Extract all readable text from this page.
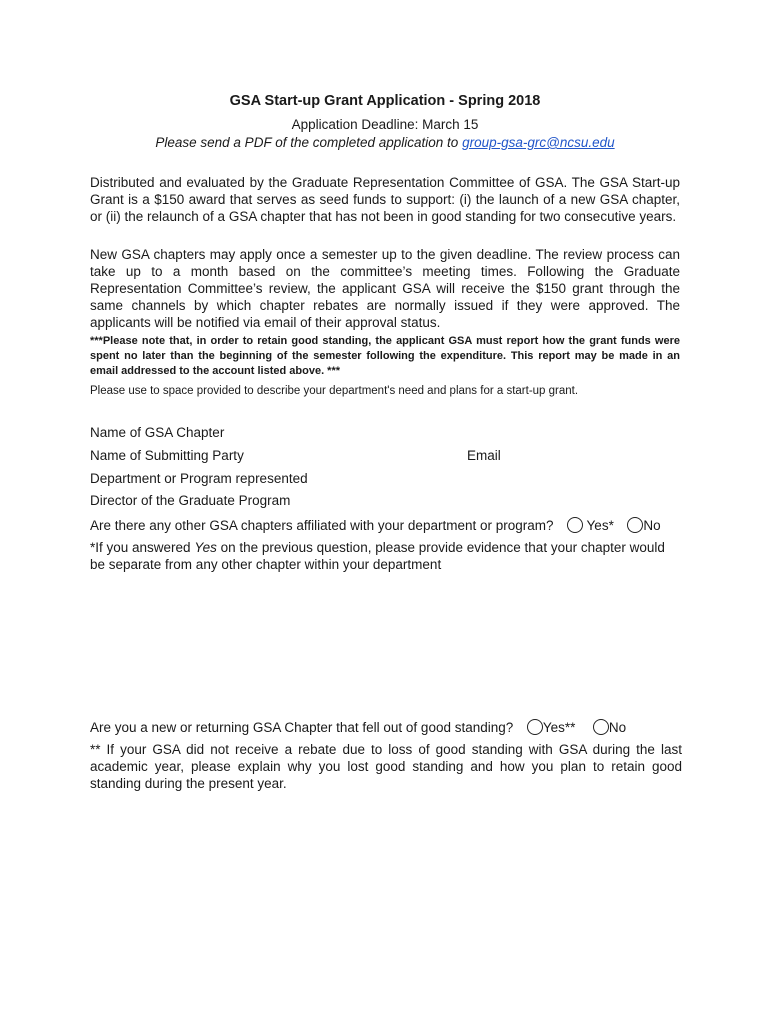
GSA Start-up Grant Application - Spring 2018
Application Deadline: March 15
Please send a PDF of the completed application to group-gsa-grc@ncsu.edu
Distributed and evaluated by the Graduate Representation Committee of GSA. The GSA Start-up Grant is a $150 award that serves as seed funds to support: (i) the launch of a new GSA chapter, or (ii) the relaunch of a GSA chapter that has not been in good standing for two consecutive years.
New GSA chapters may apply once a semester up to the given deadline. The review process can take up to a month based on the committee’s meeting times. Following the Graduate Representation Committee’s review, the applicant GSA will receive the $150 grant through the same channels by which chapter rebates are normally issued if they were approved. The applicants will be notified via email of their approval status.
***Please note that, in order to retain good standing, the applicant GSA must report how the grant funds were spent no later than the beginning of the semester following the expenditure. This report may be made in an email addressed to the account listed above. ***
Please use to space provided to describe your department's need and plans for a start-up grant.
Name of GSA Chapter
Name of Submitting Party	Email
Department or Program represented
Director of the Graduate Program
Are there any other GSA chapters affiliated with your department or program? Yes* No
*If you answered Yes on the previous question, please provide evidence that your chapter would be separate from any other chapter within your department
Are you a new or returning GSA Chapter that fell out of good standing? Yes** No
** If your GSA did not receive a rebate due to loss of good standing with GSA during the last academic year, please explain why you lost good standing and how you plan to retain good standing during the present year.
